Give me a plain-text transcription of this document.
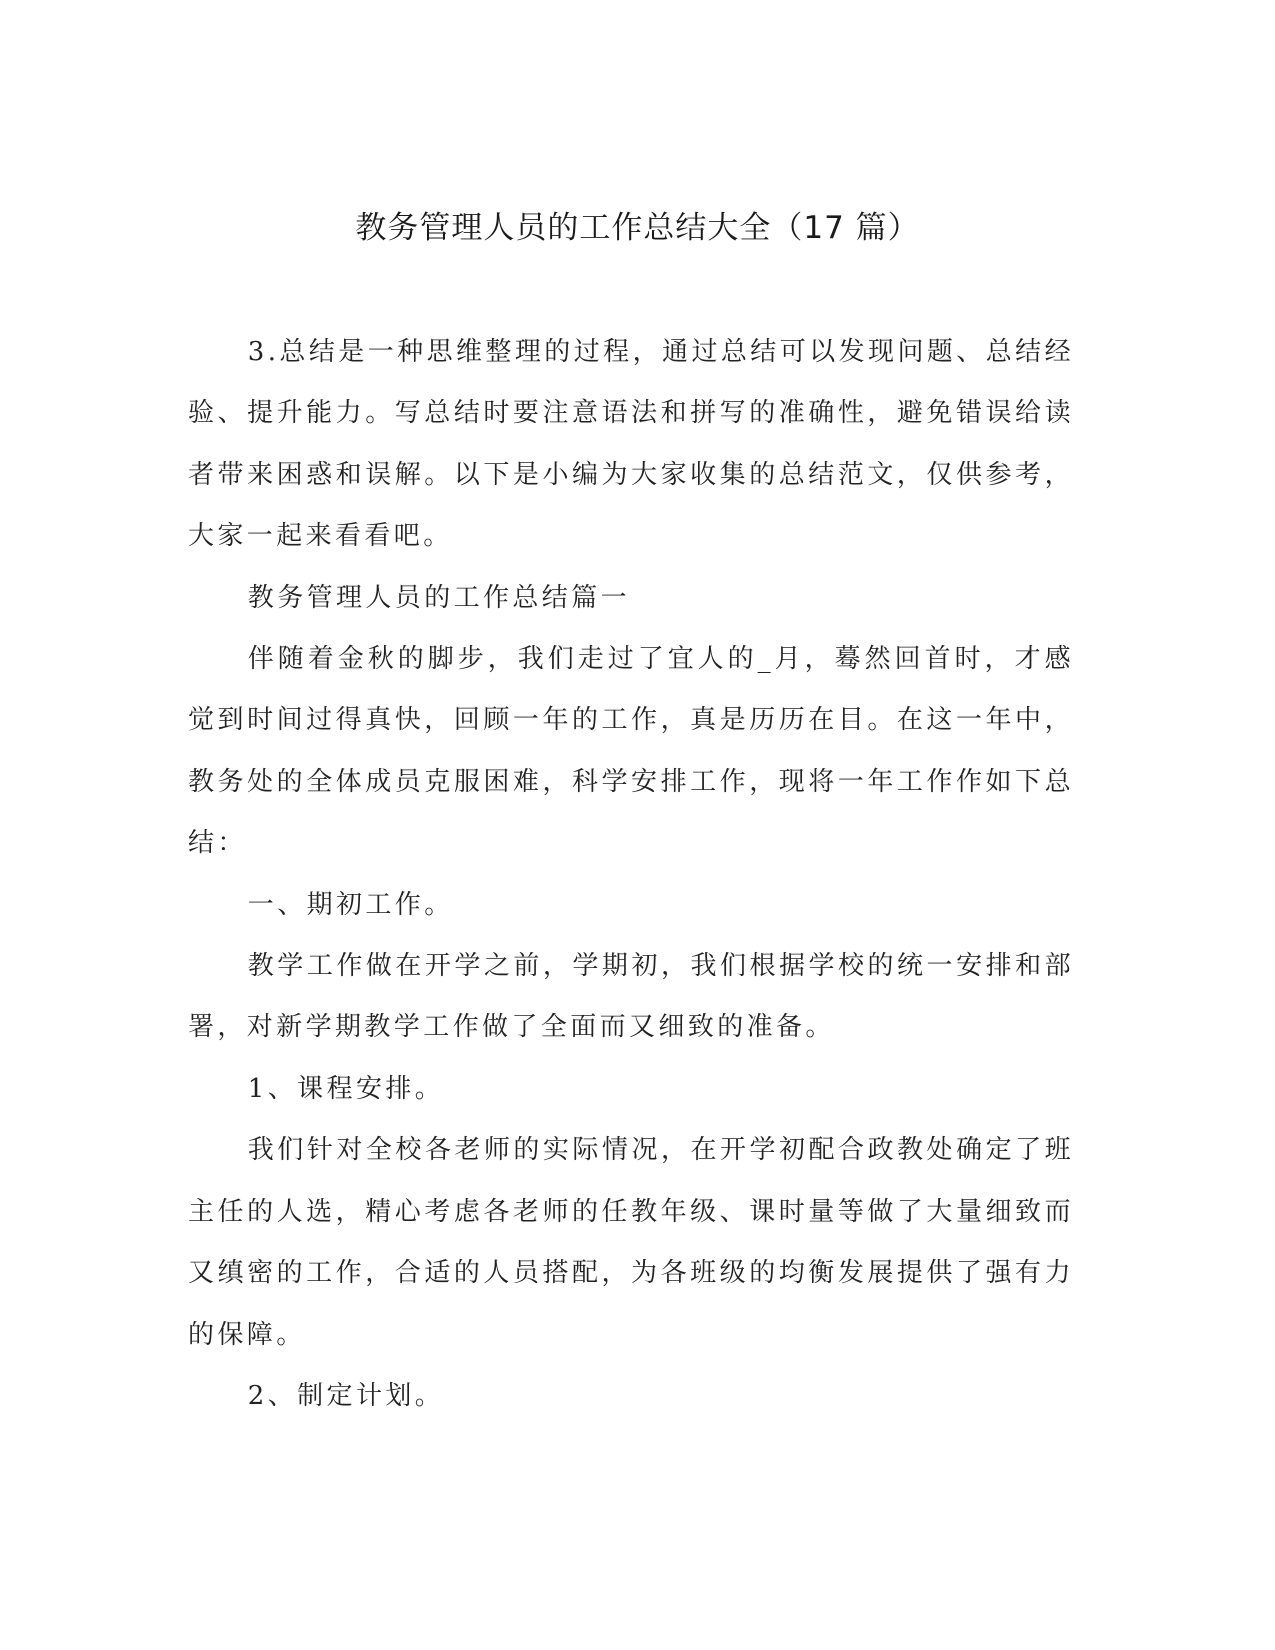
教务管理人员的工作总结大全（17 篇）

3.总结是一种思维整理的过程，通过总结可以发现问题、总结经验、提升能力。写总结时要注意语法和拼写的准确性，避免错误给读者带来困惑和误解。以下是小编为大家收集的总结范文，仅供参考，大家一起来看看吧。

教务管理人员的工作总结篇一

伴随着金秋的脚步，我们走过了宜人的_月，蓦然回首时，才感觉到时间过得真快，回顾一年的工作，真是历历在目。在这一年中，教务处的全体成员克服困难，科学安排工作，现将一年工作作如下总结：

一、期初工作。

教学工作做在开学之前，学期初，我们根据学校的统一安排和部署，对新学期教学工作做了全面而又细致的准备。

1、课程安排。

我们针对全校各老师的实际情况，在开学初配合政教处确定了班主任的人选，精心考虑各老师的任教年级、课时量等做了大量细致而又缜密的工作，合适的人员搭配，为各班级的均衡发展提供了强有力的保障。

2、制定计划。
